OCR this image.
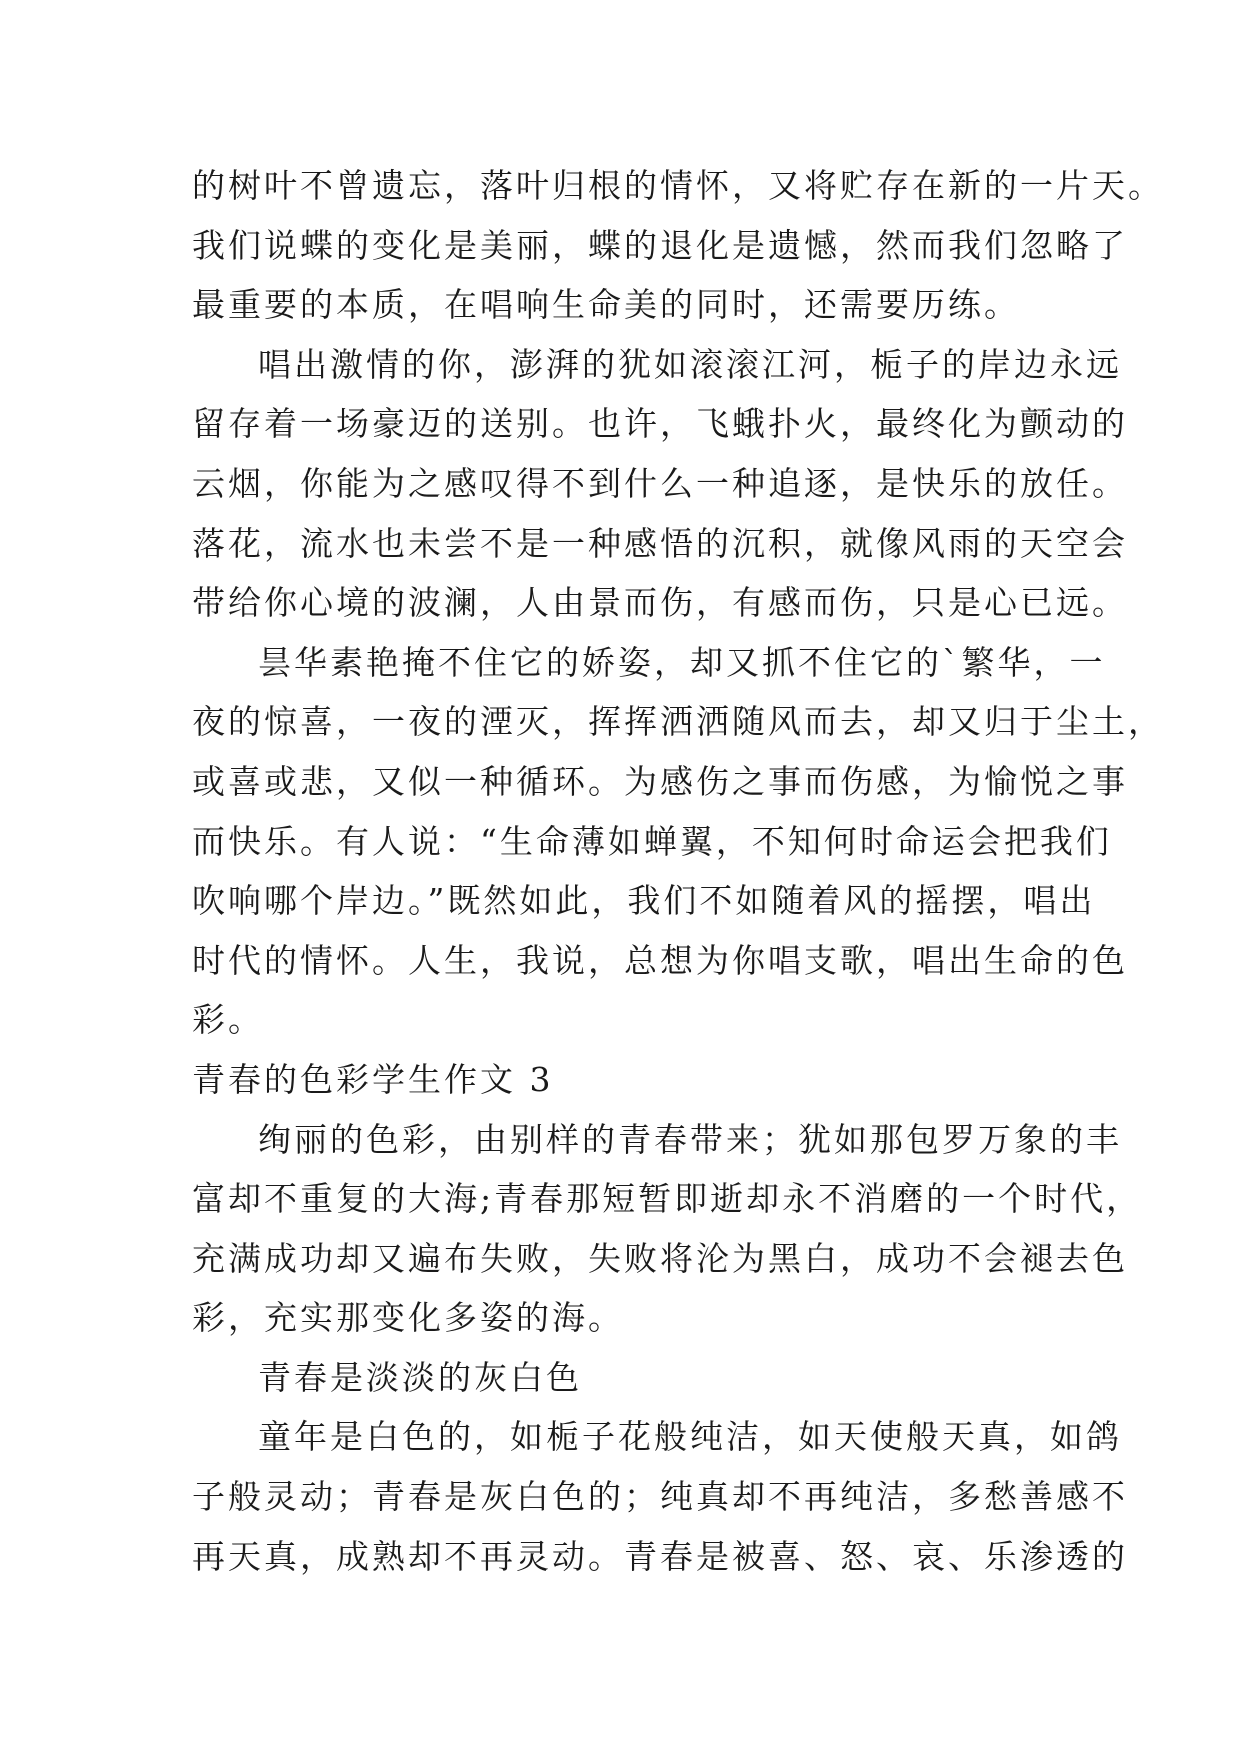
的树叶不曾遗忘，落叶归根的情怀，又将贮存在新的一片天。
我们说蝶的变化是美丽，蝶的退化是遗憾，然而我们忽略了
最重要的本质，在唱响生命美的同时，还需要历练。
唱出激情的你，澎湃的犹如滚滚江河，栀子的岸边永远
留存着一场豪迈的送别。也许，飞蛾扑火，最终化为颤动的
云烟，你能为之感叹得不到什么一种追逐，是快乐的放任。
落花，流水也未尝不是一种感悟的沉积，就像风雨的天空会
带给你心境的波澜，人由景而伤，有感而伤，只是心已远。
昙华素艳掩不住它的娇姿，却又抓不住它的`繁华，一
夜的惊喜，一夜的湮灭，挥挥洒洒随风而去，却又归于尘土，
或喜或悲，又似一种循环。为感伤之事而伤感，为愉悦之事
而快乐。有人说：“生命薄如蝉翼，不知何时命运会把我们
吹响哪个岸边。”既然如此，我们不如随着风的摇摆，唱出
时代的情怀。人生，我说，总想为你唱支歌，唱出生命的色
彩。
青春的色彩学生作文 3
绚丽的色彩，由别样的青春带来；犹如那包罗万象的丰
富却不重复的大海;青春那短暂即逝却永不消磨的一个时代，
充满成功却又遍布失败，失败将沦为黑白，成功不会褪去色
彩，充实那变化多姿的海。
青春是淡淡的灰白色
童年是白色的，如栀子花般纯洁，如天使般天真，如鸽
子般灵动；青春是灰白色的；纯真却不再纯洁，多愁善感不
再天真，成熟却不再灵动。青春是被喜、怒、哀、乐渗透的
